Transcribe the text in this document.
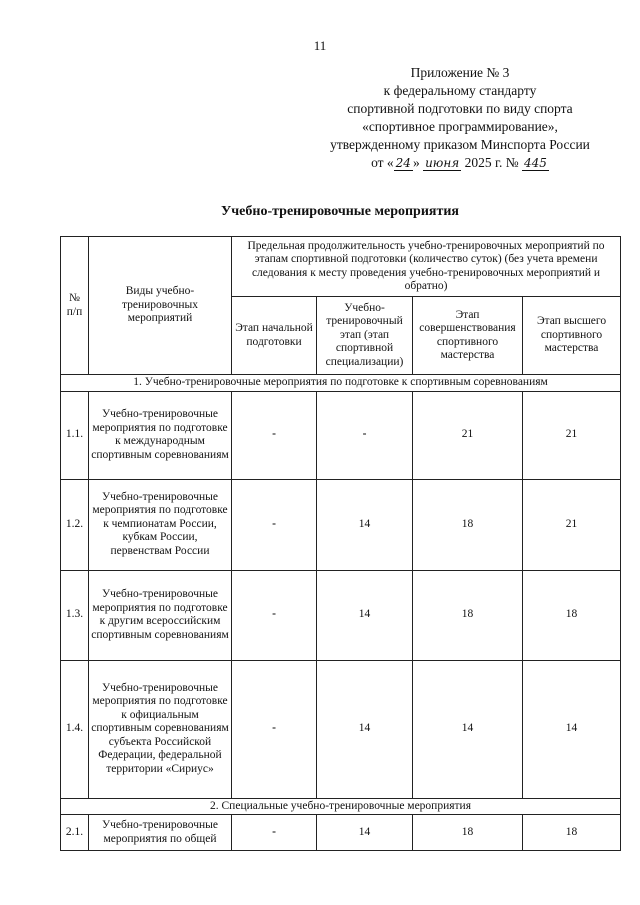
11
Приложение № 3
к федеральному стандарту
спортивной подготовки по виду спорта
«спортивное программирование»,
утвержденному приказом Минспорта России
от « 24 » июня 2025 г. № 445
Учебно-тренировочные мероприятия
№ п/п	Виды учебно-тренировочных мероприятий	Предельная продолжительность учебно-тренировочных мероприятий по этапам спортивной подготовки (количество суток) (без учета времени следования к месту проведения учебно-тренировочных мероприятий и обратно)			
		Этап начальной подготовки	Учебно-тренировочный этап (этап спортивной специализации)	Этап совершенствования спортивного мастерства	Этап высшего спортивного мастерства
1. Учебно-тренировочные мероприятия по подготовке к спортивным соревнованиям					
1.1.	Учебно-тренировочные мероприятия по подготовке к международным спортивным соревнованиям	-	-	21	21
1.2.	Учебно-тренировочные мероприятия по подготовке к чемпионатам России, кубкам России, первенствам России	-	14	18	21
1.3.	Учебно-тренировочные мероприятия по подготовке к другим всероссийским спортивным соревнованиям	-	14	18	18
1.4.	Учебно-тренировочные мероприятия по подготовке к официальным спортивным соревнованиям субъекта Российской Федерации, федеральной территории «Сириус»	-	14	14	14
2. Специальные учебно-тренировочные мероприятия					
2.1.	Учебно-тренировочные мероприятия по общей	-	14	18	18
